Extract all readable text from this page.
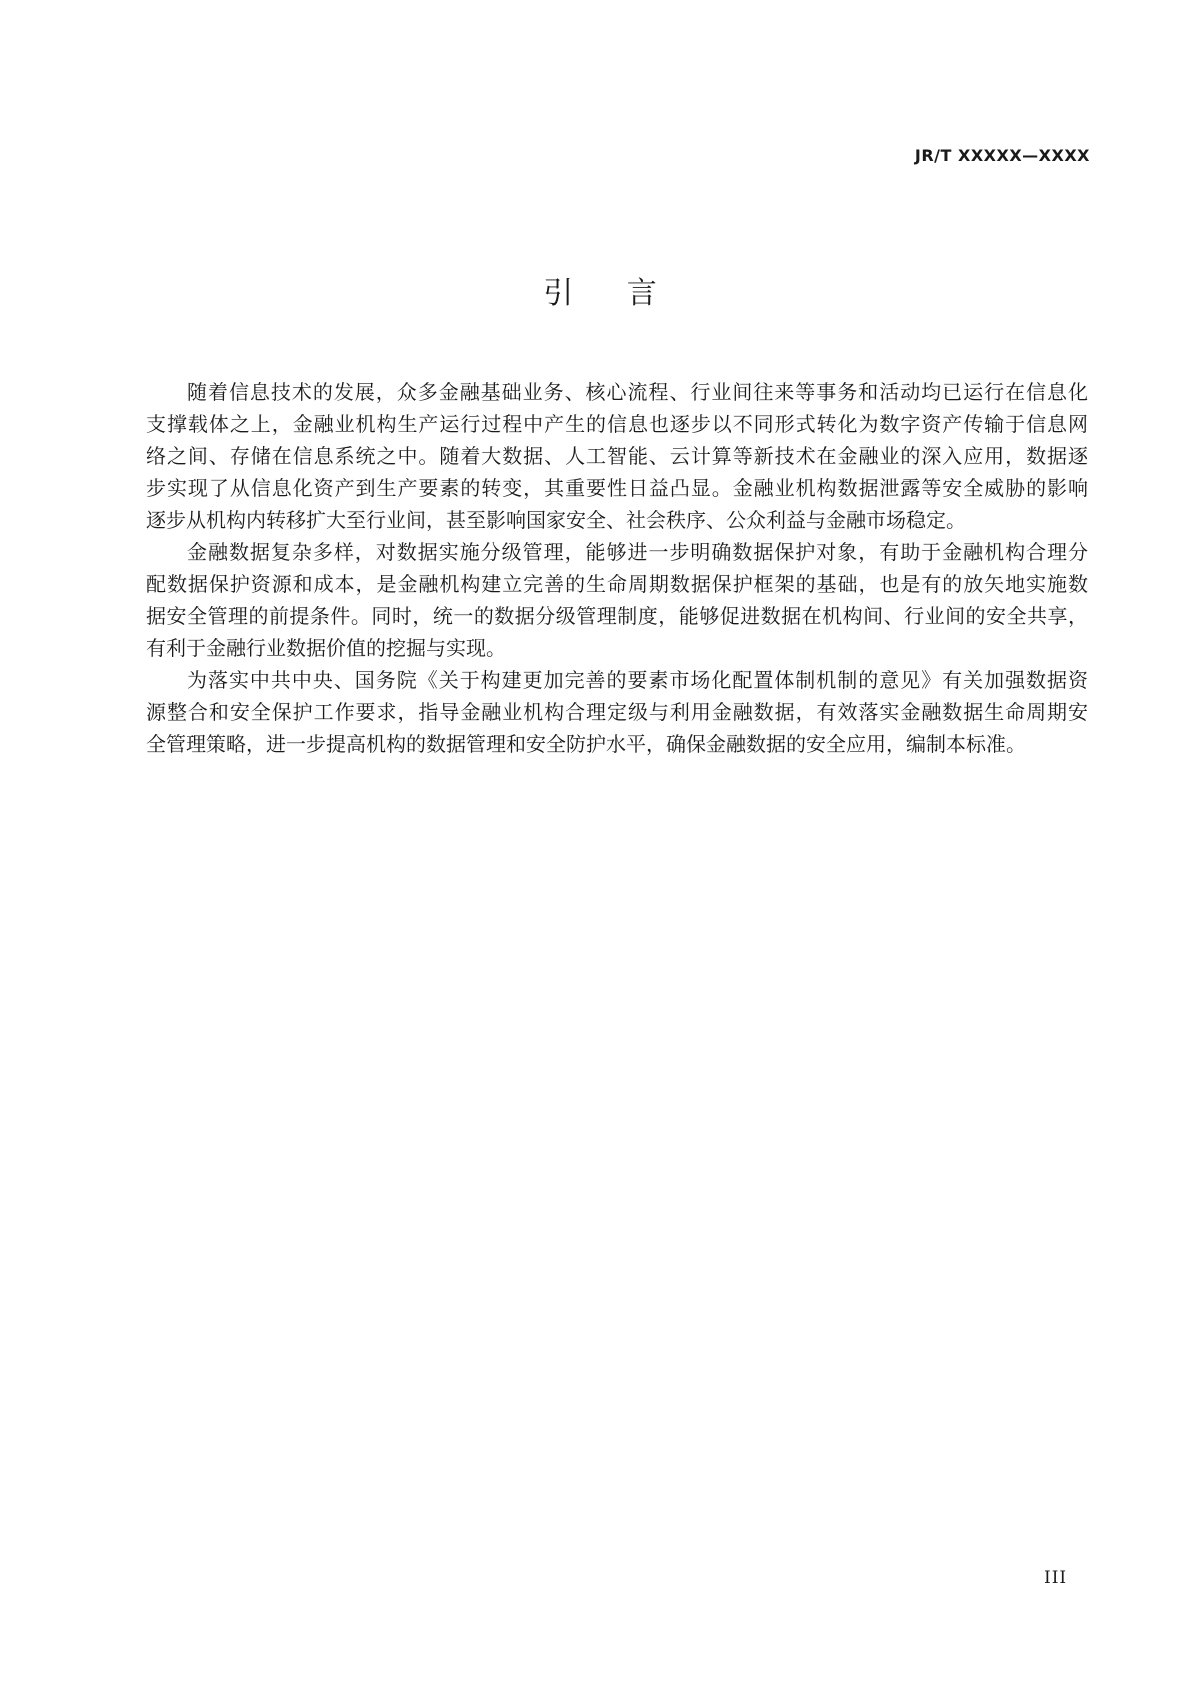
JR/T XXXXX—XXXX
引 言
随着信息技术的发展，众多金融基础业务、核心流程、行业间往来等事务和活动均已运行在信息化
支撑载体之上，金融业机构生产运行过程中产生的信息也逐步以不同形式转化为数字资产传输于信息网
络之间、存储在信息系统之中。随着大数据、人工智能、云计算等新技术在金融业的深入应用，数据逐
步实现了从信息化资产到生产要素的转变，其重要性日益凸显。金融业机构数据泄露等安全威胁的影响
逐步从机构内转移扩大至行业间，甚至影响国家安全、社会秩序、公众利益与金融市场稳定。
金融数据复杂多样，对数据实施分级管理，能够进一步明确数据保护对象，有助于金融机构合理分
配数据保护资源和成本，是金融机构建立完善的生命周期数据保护框架的基础，也是有的放矢地实施数
据安全管理的前提条件。同时，统一的数据分级管理制度，能够促进数据在机构间、行业间的安全共享，
有利于金融行业数据价值的挖掘与实现。
为落实中共中央、国务院《关于构建更加完善的要素市场化配置体制机制的意见》有关加强数据资
源整合和安全保护工作要求，指导金融业机构合理定级与利用金融数据，有效落实金融数据生命周期安
全管理策略，进一步提高机构的数据管理和安全防护水平，确保金融数据的安全应用，编制本标准。
III
